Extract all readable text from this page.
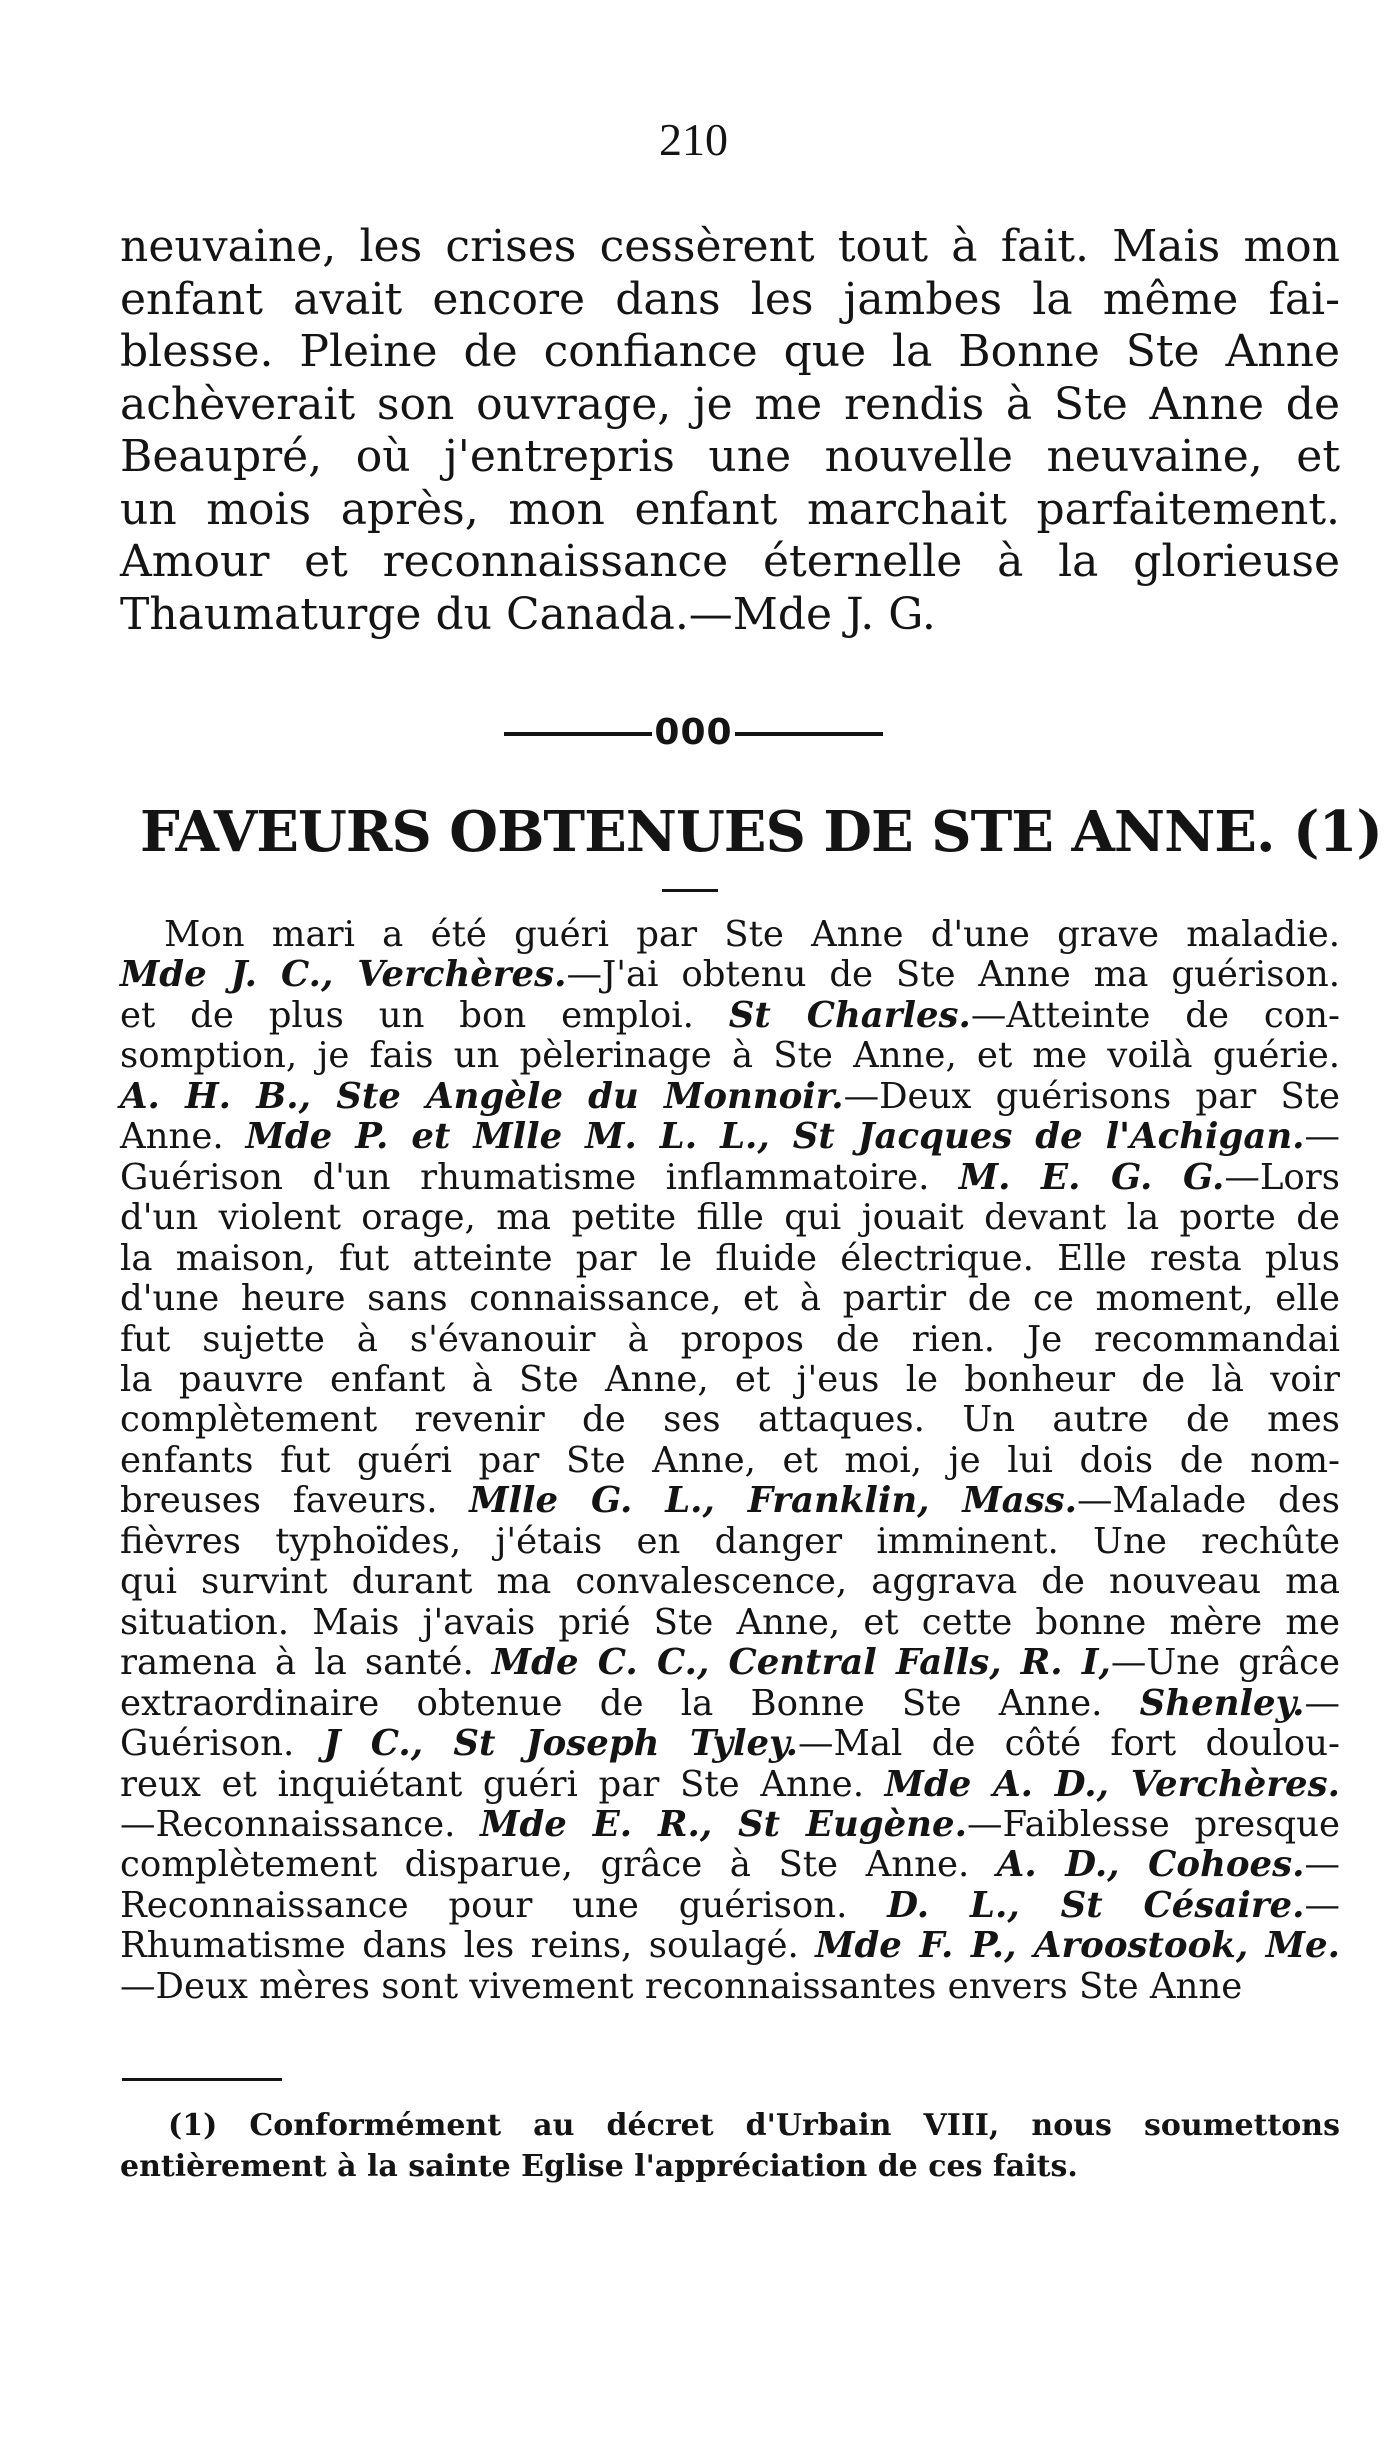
210
neuvaine, les crises cessèrent tout à fait. Mais mon
enfant avait encore dans les jambes la même fai-
blesse. Pleine de confiance que la Bonne Ste Anne
achèverait son ouvrage, je me rendis à Ste Anne de
Beaupré, où j'entrepris une nouvelle neuvaine, et
un mois après, mon enfant marchait parfaitement.
Amour et reconnaissance éternelle à la glorieuse
Thaumaturge du Canada.—Mde J. G.
000
FAVEURS OBTENUES DE STE ANNE. (1)
Mon mari a été guéri par Ste Anne d'une grave maladie.
Mde J. C., Verchères.—J'ai obtenu de Ste Anne ma guérison.
et de plus un bon emploi. St Charles.—Atteinte de con-
somption, je fais un pèlerinage à Ste Anne, et me voilà guérie.
A. H. B., Ste Angèle du Monnoir.—Deux guérisons par Ste
Anne. Mde P. et Mlle M. L. L., St Jacques de l'Achigan.—
Guérison d'un rhumatisme inflammatoire. M. E. G. G.—Lors
d'un violent orage, ma petite fille qui jouait devant la porte de
la maison, fut atteinte par le fluide électrique. Elle resta plus
d'une heure sans connaissance, et à partir de ce moment, elle
fut sujette à s'évanouir à propos de rien. Je recommandai
la pauvre enfant à Ste Anne, et j'eus le bonheur de là voir
complètement revenir de ses attaques. Un autre de mes
enfants fut guéri par Ste Anne, et moi, je lui dois de nom-
breuses faveurs. Mlle G. L., Franklin, Mass.—Malade des
fièvres typhoïdes, j'étais en danger imminent. Une rechûte
qui survint durant ma convalescence, aggrava de nouveau ma
situation. Mais j'avais prié Ste Anne, et cette bonne mère me
ramena à la santé. Mde C. C., Central Falls, R. I,—Une grâce
extraordinaire obtenue de la Bonne Ste Anne. Shenley.—
Guérison. J C., St Joseph Tyley.—Mal de côté fort doulou-
reux et inquiétant guéri par Ste Anne. Mde A. D., Verchères.
—Reconnaissance. Mde E. R., St Eugène.—Faiblesse presque
complètement disparue, grâce à Ste Anne. A. D., Cohoes.—
Reconnaissance pour une guérison. D. L., St Césaire.—
Rhumatisme dans les reins, soulagé. Mde F. P., Aroostook, Me.
—Deux mères sont vivement reconnaissantes envers Ste Anne
(1) Conformément au décret d'Urbain VIII, nous soumettons
entièrement à la sainte Eglise l'appréciation de ces faits.
